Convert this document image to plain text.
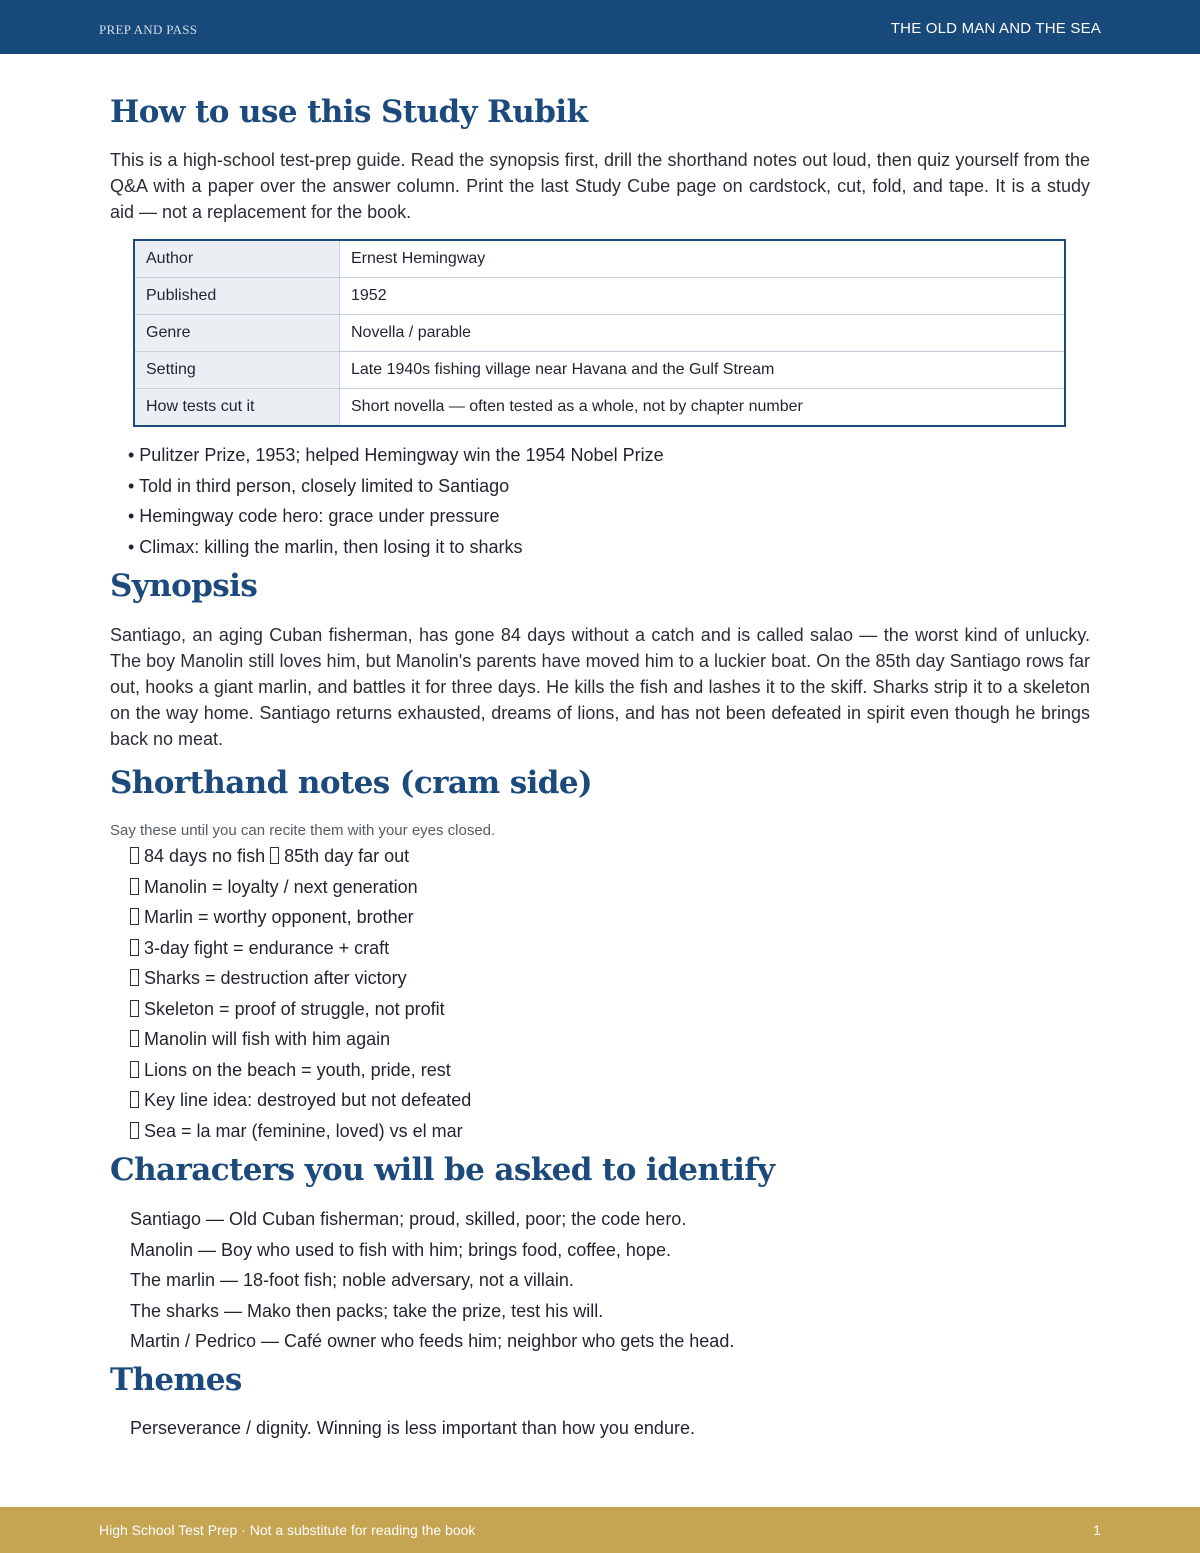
PREP AND PASS	THE OLD MAN AND THE SEA
How to use this Study Rubik

This is a high-school test-prep guide. Read the synopsis first, drill the shorthand notes out loud, then quiz yourself from the Q&A with a paper over the answer column. Print the last Study Cube page on cardstock, cut, fold, and tape. It is a study aid — not a replacement for the book.

Author	Ernest Hemingway
Published	1952
Genre	Novella / parable
Setting	Late 1940s fishing village near Havana and the Gulf Stream
How tests cut it	Short novella — often tested as a whole, not by chapter number
• Pulitzer Prize, 1953; helped Hemingway win the 1954 Nobel Prize
• Told in third person, closely limited to Santiago
• Hemingway code hero: grace under pressure
• Climax: killing the marlin, then losing it to sharks
Synopsis

Santiago, an aging Cuban fisherman, has gone 84 days without a catch and is called salao — the worst kind of unlucky. The boy Manolin still loves him, but Manolin's parents have moved him to a luckier boat. On the 85th day Santiago rows far out, hooks a giant marlin, and battles it for three days. He kills the fish and lashes it to the skiff. Sharks strip it to a skeleton on the way home. Santiago returns exhausted, dreams of lions, and has not been defeated in spirit even though he brings back no meat.

Shorthand notes (cram side)
Say these until you can recite them with your eyes closed.
84 days no fish 85th day far out
Manolin = loyalty / next generation
Marlin = worthy opponent, brother
3-day fight = endurance + craft
Sharks = destruction after victory
Skeleton = proof of struggle, not profit
Manolin will fish with him again
Lions on the beach = youth, pride, rest
Key line idea: destroyed but not defeated
Sea = la mar (feminine, loved) vs el mar
Characters you will be asked to identify
Santiago — Old Cuban fisherman; proud, skilled, poor; the code hero.
Manolin — Boy who used to fish with him; brings food, coffee, hope.
The marlin — 18-foot fish; noble adversary, not a villain.
The sharks — Mako then packs; take the prize, test his will.
Martin / Pedrico — Café owner who feeds him; neighbor who gets the head.
Themes
Perseverance / dignity. Winning is less important than how you endure.
High School Test Prep · Not a substitute for reading the book	1
